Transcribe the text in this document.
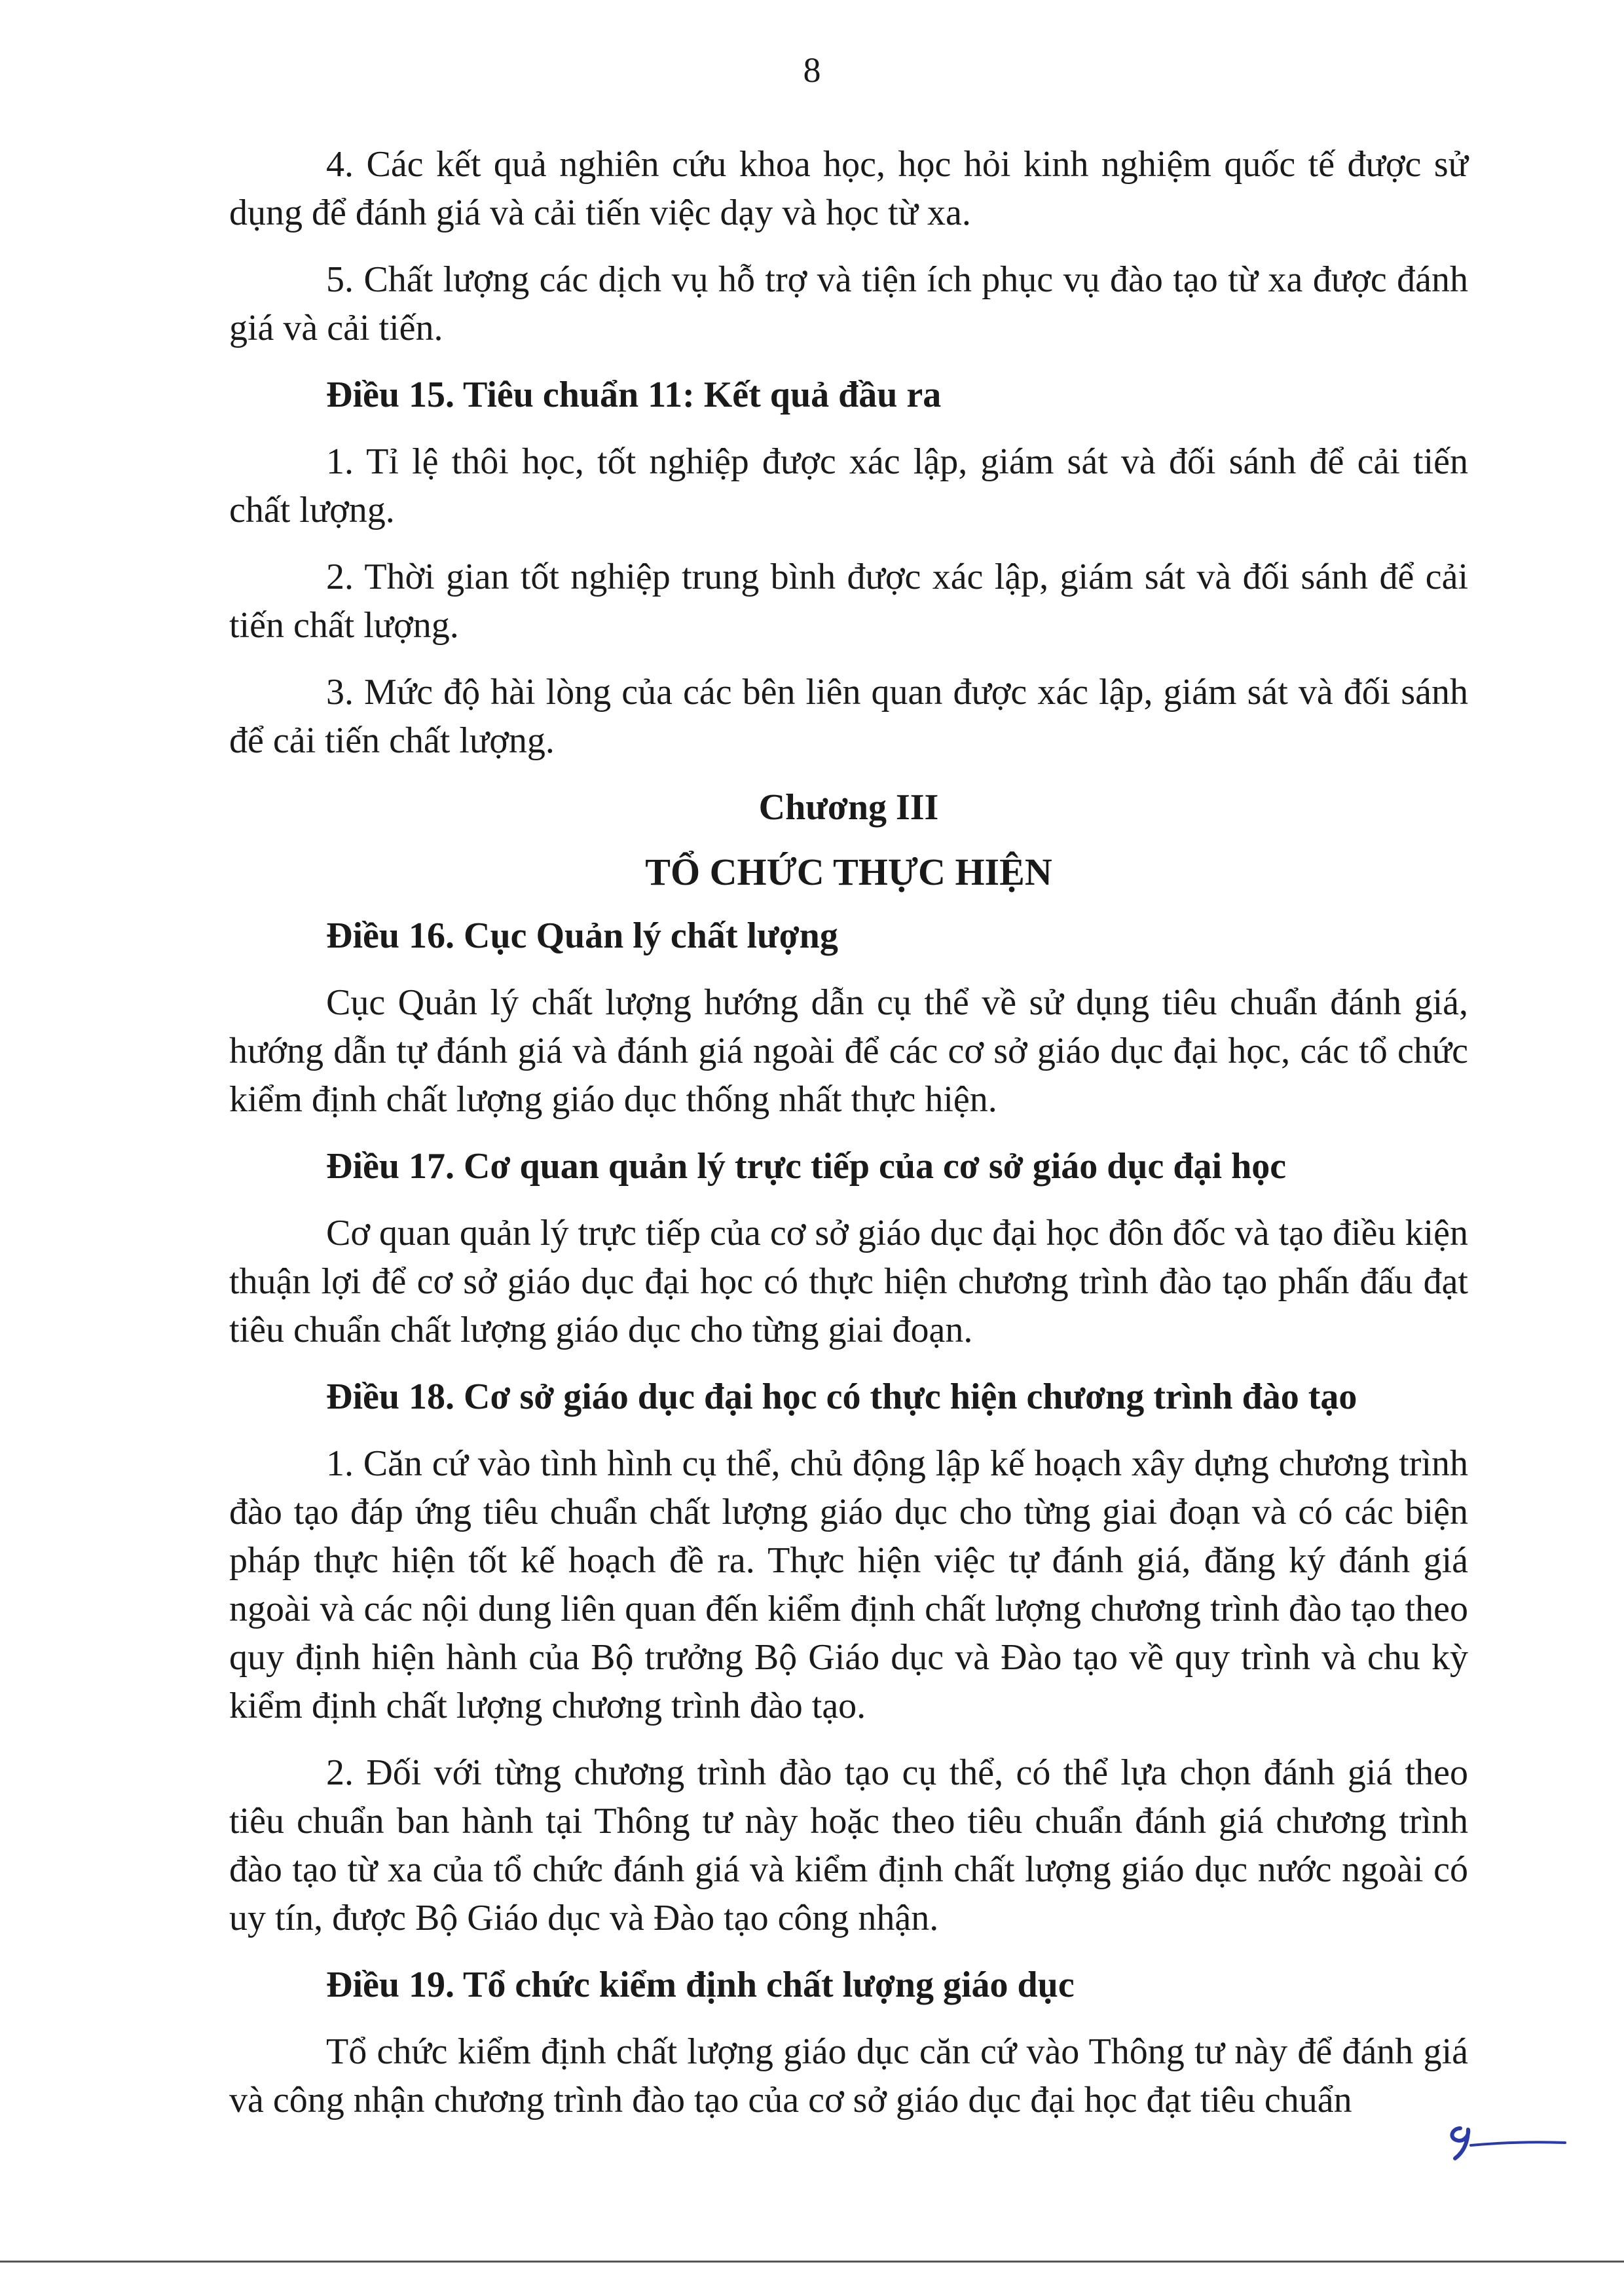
8

4. Các kết quả nghiên cứu khoa học, học hỏi kinh nghiệm quốc tế được sử dụng để đánh giá và cải tiến việc dạy và học từ xa.

5. Chất lượng các dịch vụ hỗ trợ và tiện ích phục vụ đào tạo từ xa được đánh giá và cải tiến.

Điều 15. Tiêu chuẩn 11: Kết quả đầu ra

1. Tỉ lệ thôi học, tốt nghiệp được xác lập, giám sát và đối sánh để cải tiến chất lượng.

2. Thời gian tốt nghiệp trung bình được xác lập, giám sát và đối sánh để cải tiến chất lượng.

3. Mức độ hài lòng của các bên liên quan được xác lập, giám sát và đối sánh để cải tiến chất lượng.

Chương III
TỔ CHỨC THỰC HIỆN
Điều 16. Cục Quản lý chất lượng

Cục Quản lý chất lượng hướng dẫn cụ thể về sử dụng tiêu chuẩn đánh giá, hướng dẫn tự đánh giá và đánh giá ngoài để các cơ sở giáo dục đại học, các tổ chức kiểm định chất lượng giáo dục thống nhất thực hiện.

Điều 17. Cơ quan quản lý trực tiếp của cơ sở giáo dục đại học

Cơ quan quản lý trực tiếp của cơ sở giáo dục đại học đôn đốc và tạo điều kiện thuận lợi để cơ sở giáo dục đại học có thực hiện chương trình đào tạo phấn đấu đạt tiêu chuẩn chất lượng giáo dục cho từng giai đoạn.

Điều 18. Cơ sở giáo dục đại học có thực hiện chương trình đào tạo

1. Căn cứ vào tình hình cụ thể, chủ động lập kế hoạch xây dựng chương trình đào tạo đáp ứng tiêu chuẩn chất lượng giáo dục cho từng giai đoạn và có các biện pháp thực hiện tốt kế hoạch đề ra. Thực hiện việc tự đánh giá, đăng ký đánh giá ngoài và các nội dung liên quan đến kiểm định chất lượng chương trình đào tạo theo quy định hiện hành của Bộ trưởng Bộ Giáo dục và Đào tạo về quy trình và chu kỳ kiểm định chất lượng chương trình đào tạo.

2. Đối với từng chương trình đào tạo cụ thể, có thể lựa chọn đánh giá theo tiêu chuẩn ban hành tại Thông tư này hoặc theo tiêu chuẩn đánh giá chương trình đào tạo từ xa của tổ chức đánh giá và kiểm định chất lượng giáo dục nước ngoài có uy tín, được Bộ Giáo dục và Đào tạo công nhận.

Điều 19. Tổ chức kiểm định chất lượng giáo dục

Tổ chức kiểm định chất lượng giáo dục căn cứ vào Thông tư này để đánh giá và công nhận chương trình đào tạo của cơ sở giáo dục đại học đạt tiêu chuẩn
